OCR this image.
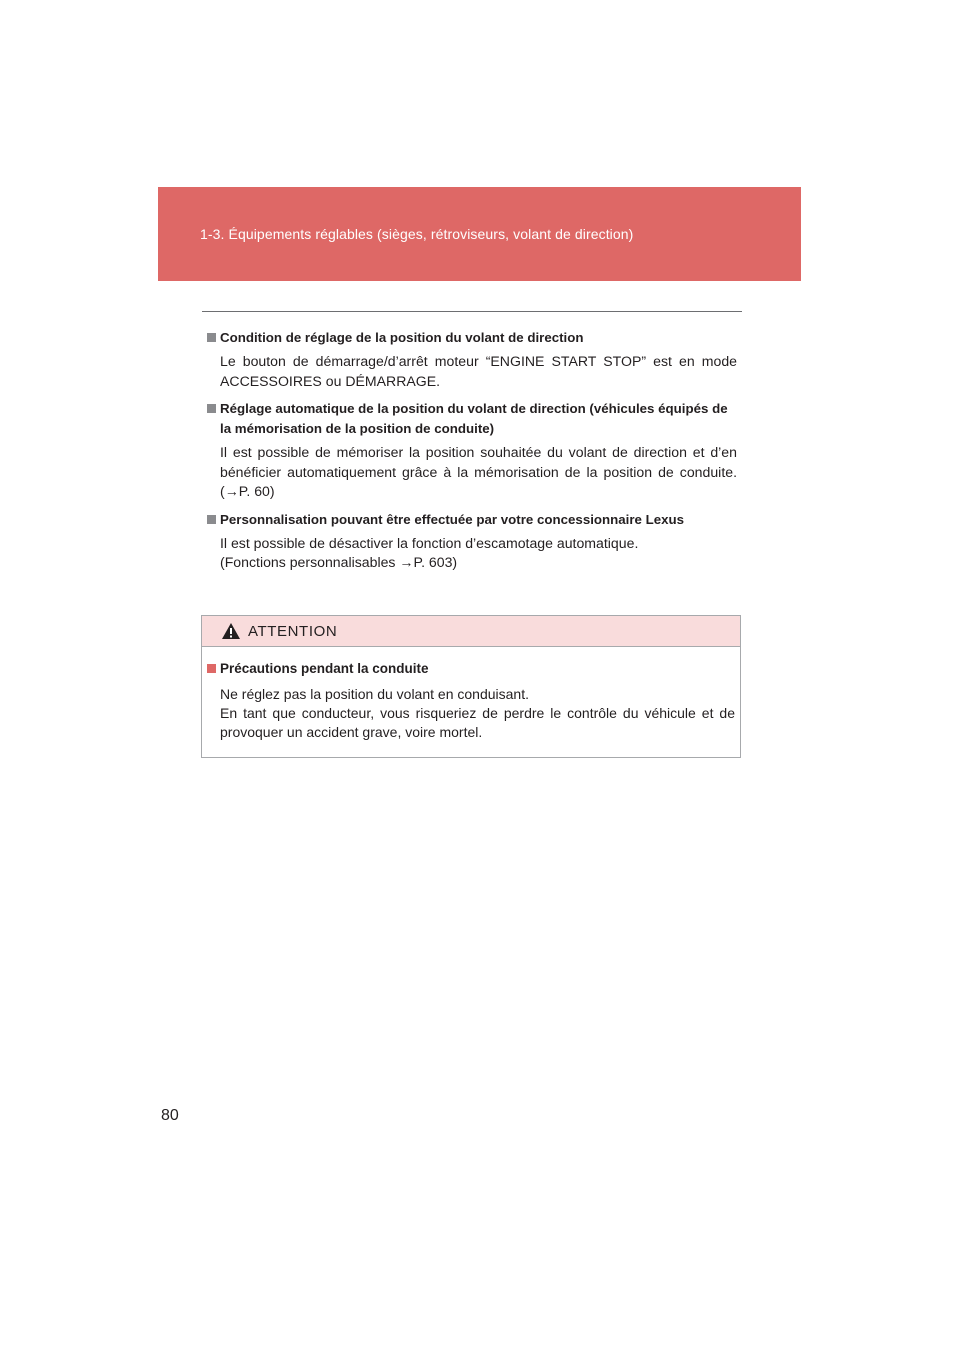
1-3. Équipements réglables (sièges, rétroviseurs, volant de direction)
Condition de réglage de la position du volant de direction

Le bouton de démarrage/d’arrêt moteur “ENGINE START STOP” est en mode ACCESSOIRES ou DÉMARRAGE.

Réglage automatique de la position du volant de direction (véhicules équipés de la mémorisation de la position de conduite)

Il est possible de mémoriser la position souhaitée du volant de direction et d’en bénéficier automatiquement grâce à la mémorisation de la position de conduite. (→P. 60)

Personnalisation pouvant être effectuée par votre concessionnaire Lexus

Il est possible de désactiver la fonction d’escamotage automatique.

(Fonctions personnalisables →P. 603)

ATTENTION
Précautions pendant la conduite

Ne réglez pas la position du volant en conduisant.

En tant que conducteur, vous risqueriez de perdre le contrôle du véhicule et de provoquer un accident grave, voire mortel.

80
